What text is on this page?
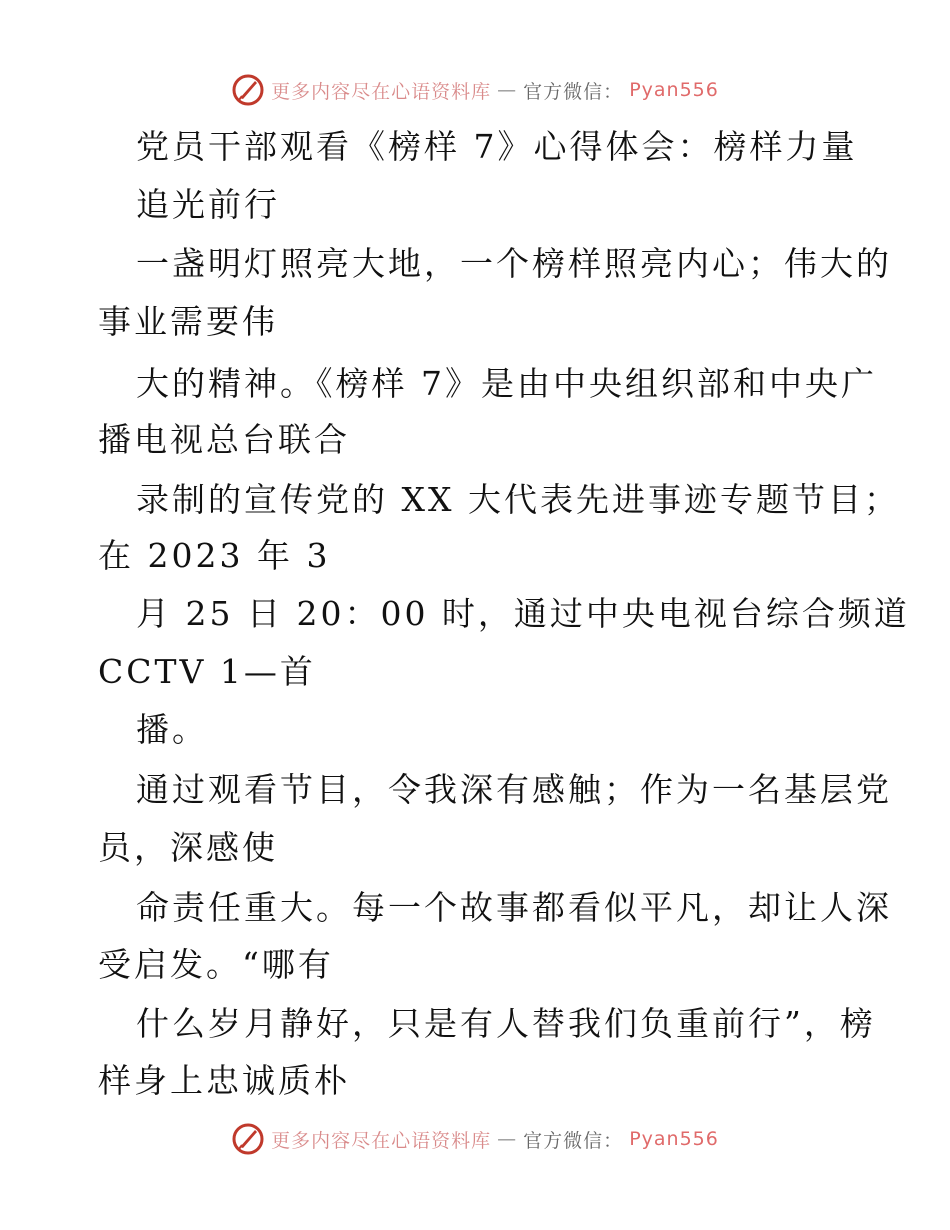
更多内容尽在心语资料库 — 官方微信： Pyan556
党员干部观看《榜样 7》心得体会：榜样力量
追光前行
一盏明灯照亮大地，一个榜样照亮内心；伟大的
事业需要伟
大的精神。《榜样 7》是由中央组织部和中央广
播电视总台联合
录制的宣传党的 XX 大代表先进事迹专题节目；
在 2023 年 3
月 25 日 20：00 时，通过中央电视台综合频道
CCTV 1—首
播。
通过观看节目，令我深有感触；作为一名基层党
员，深感使
命责任重大。每一个故事都看似平凡，却让人深
受启发。“哪有
什么岁月静好，只是有人替我们负重前行”，榜
样身上忠诚质朴
更多内容尽在心语资料库 — 官方微信： Pyan556
